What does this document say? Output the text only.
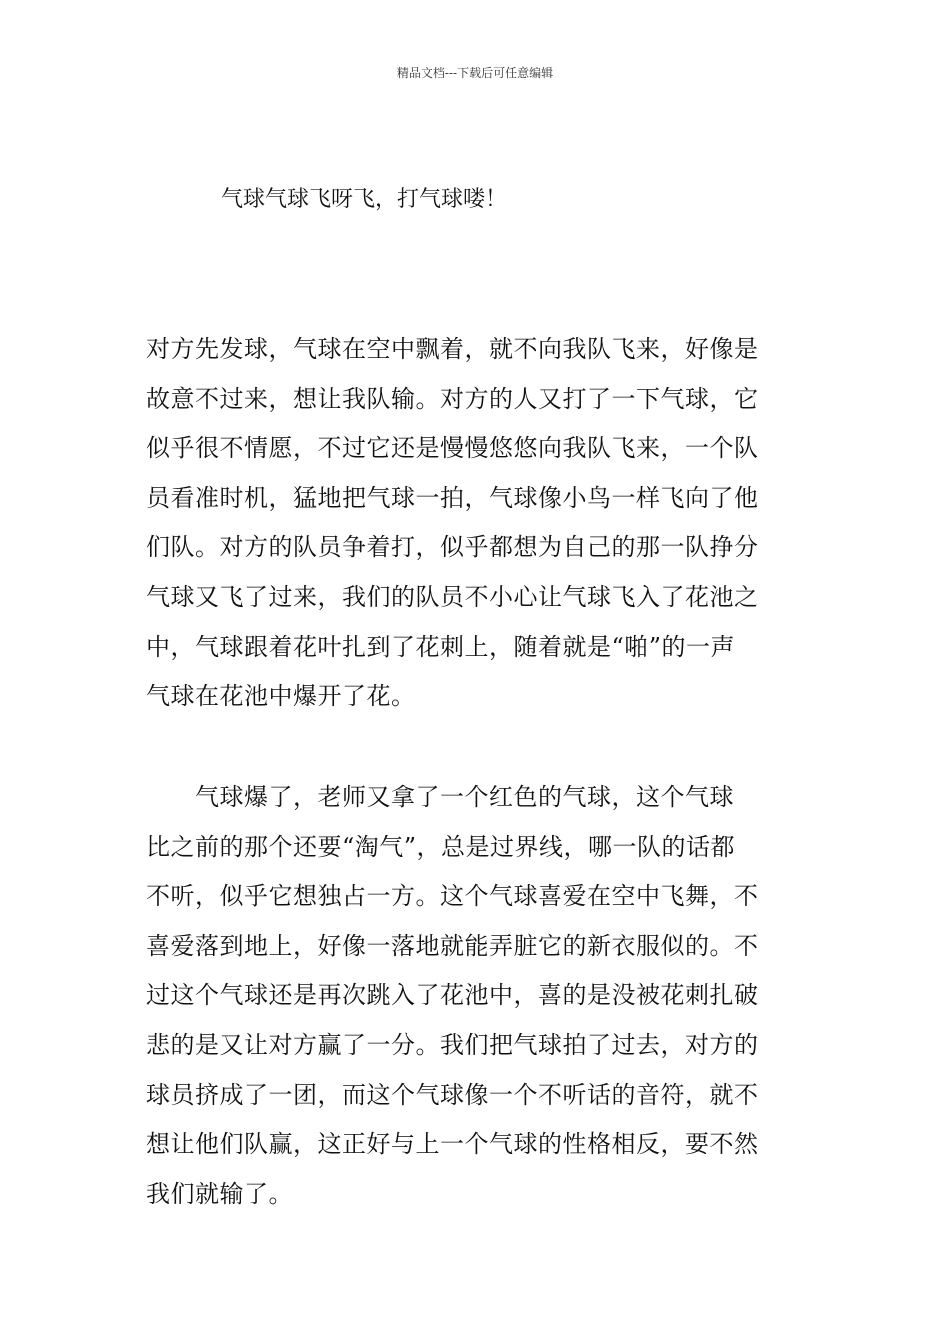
精品文档---下载后可任意编辑
气球气球飞呀飞，打气球喽！
对方先发球，气球在空中飘着，就不向我队飞来，好像是
故意不过来，想让我队输。对方的人又打了一下气球，它
似乎很不情愿，不过它还是慢慢悠悠向我队飞来，一个队
员看准时机，猛地把气球一拍，气球像小鸟一样飞向了他
们队。对方的队员争着打，似乎都想为自己的那一队挣分
气球又飞了过来，我们的队员不小心让气球飞入了花池之
中，气球跟着花叶扎到了花刺上，随着就是“啪”的一声
气球在花池中爆开了花。
　　气球爆了，老师又拿了一个红色的气球，这个气球
比之前的那个还要“淘气”，总是过界线，哪一队的话都
不听，似乎它想独占一方。这个气球喜爱在空中飞舞，不
喜爱落到地上，好像一落地就能弄脏它的新衣服似的。不
过这个气球还是再次跳入了花池中，喜的是没被花刺扎破
悲的是又让对方赢了一分。我们把气球拍了过去，对方的
球员挤成了一团，而这个气球像一个不听话的音符，就不
想让他们队赢，这正好与上一个气球的性格相反，要不然
我们就输了。
